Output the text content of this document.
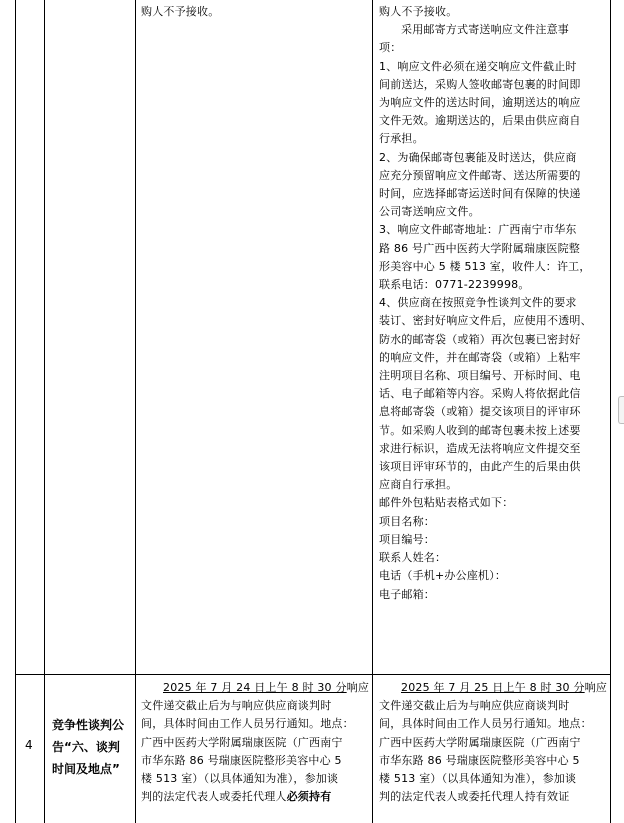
购人不予接收。	购人不予接收。

采用邮寄方式寄送响应文件注意事

项：

1、响应文件必须在递交响应文件截止时

间前送达，采购人签收邮寄包裹的时间即

为响应文件的送达时间，逾期送达的响应

文件无效。逾期送达的，后果由供应商自

行承担。

2、为确保邮寄包裹能及时送达，供应商

应充分预留响应文件邮寄、送达所需要的

时间，应选择邮寄运送时间有保障的快递

公司寄送响应文件。

3、响应文件邮寄地址：广西南宁市华东

路 86 号广西中医药大学附属瑞康医院整

形美容中心 5 楼 513 室，收件人：许工，

联系电话：0771-2239998。

4、供应商在按照竞争性谈判文件的要求

装订、密封好响应文件后，应使用不透明、

防水的邮寄袋（或箱）再次包裹已密封好

的响应文件，并在邮寄袋（或箱）上粘牢

注明项目名称、项目编号、开标时间、电

话、电子邮箱等内容。采购人将依据此信

息将邮寄袋（或箱）提交该项目的评审环

节。如采购人收到的邮寄包裹未按上述要

求进行标识，造成无法将响应文件提交至

该项目评审环节的，由此产生的后果由供

应商自行承担。

邮件外包粘贴表格式如下：

项目名称：

项目编号：

联系人姓名：

电话（手机+办公座机）：

电子邮箱：

4

竞争性谈判公

告“六、谈判

时间及地点”

2025 年 7 月 24 日上午 8 时 30 分响应

文件递交截止后为与响应供应商谈判时

间，具体时间由工作人员另行通知。地点：

广西中医药大学附属瑞康医院（广西南宁

市华东路 86 号瑞康医院整形美容中心 5

楼 513 室）（以具体通知为准），参加谈

判的法定代表人或委托代理人必须持有

2025 年 7 月 25 日上午 8 时 30 分响应

文件递交截止后为与响应供应商谈判时

间，具体时间由工作人员另行通知。地点：

广西中医药大学附属瑞康医院（广西南宁

市华东路 86 号瑞康医院整形美容中心 5

楼 513 室）（以具体通知为准），参加谈

判的法定代表人或委托代理人持有效证
